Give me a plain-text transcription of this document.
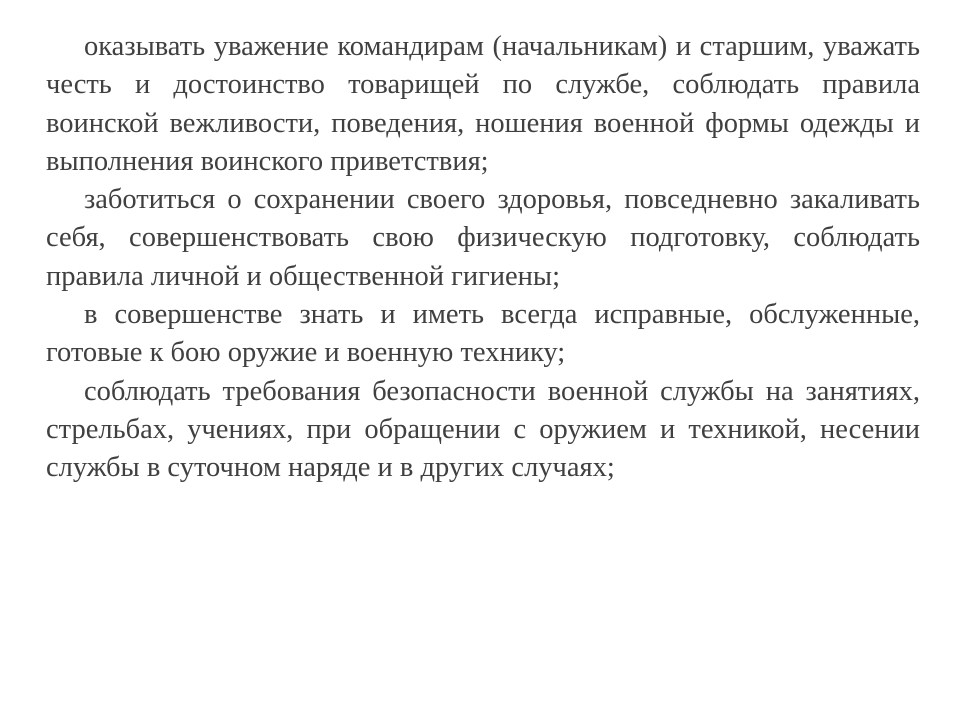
оказывать уважение командирам (начальникам) и старшим, уважать честь и достоинство товарищей по службе, соблюдать правила воинской вежливости, поведения, ношения военной формы одежды и выполнения воинского приветствия;

заботиться о сохранении своего здоровья, повседневно закаливать себя, совершенствовать свою физическую подготовку, соблюдать правила личной и общественной гигиены;

в совершенстве знать и иметь всегда исправные, обслуженные, готовые к бою оружие и военную технику;

соблюдать требования безопасности военной службы на занятиях, стрельбах, учениях, при обращении с оружием и техникой, несении службы в суточном наряде и в других случаях;
